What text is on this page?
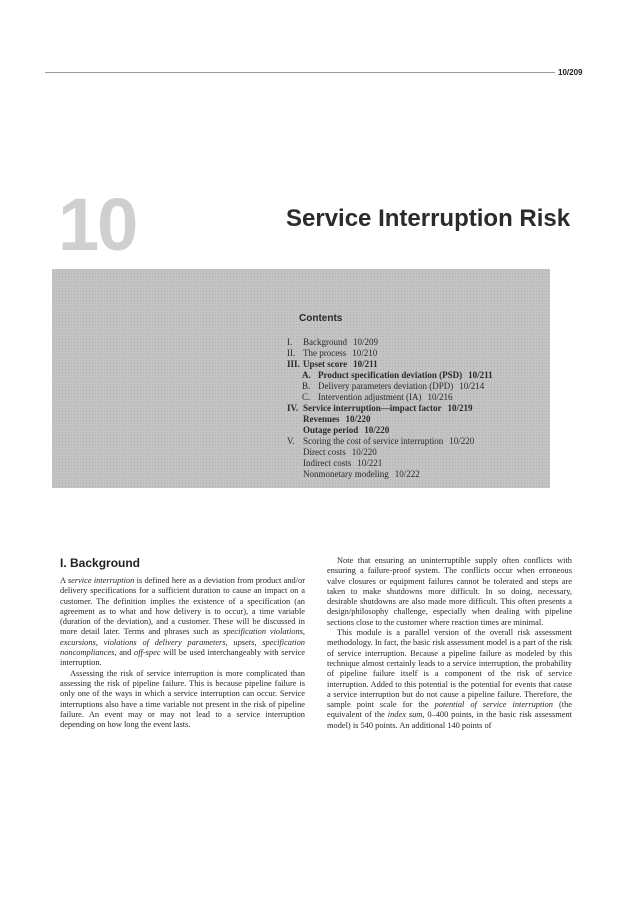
10/209
10	Service Interruption Risk
Contents
I. Background 10/209
II. The process 10/210
III. Upset score 10/211
A. Product specification deviation (PSD) 10/211
B. Delivery parameters deviation (DPD) 10/214
C. Intervention adjustment (IA) 10/216
IV. Service interruption—impact factor 10/219
Revenues 10/220
Outage period 10/220
V. Scoring the cost of service interruption 10/220
Direct costs 10/220
Indirect costs 10/221
Nonmonetary modeling 10/222
I. Background

A service interruption is defined here as a deviation from product and/or delivery specifications for a sufficient duration to cause an impact on a customer. The definition implies the existence of a specification (an agreement as to what and how delivery is to occur), a time variable (duration of the deviation), and a customer. These will be discussed in more detail later. Terms and phrases such as specification violations, excursions, violations of delivery parameters, upsets, specification noncompliances, and off-spec will be used interchangeably with service interruption.

Assessing the risk of service interruption is more complicated than assessing the risk of pipeline failure. This is because pipeline failure is only one of the ways in which a service interruption can occur. Service interruptions also have a time variable not present in the risk of pipeline failure. An event may or may not lead to a service interruption depending on how long the event lasts.

Note that ensuring an uninterruptible supply often conflicts with ensuring a failure-proof system. The conflicts occur when erroneous valve closures or equipment failures cannot be tolerated and steps are taken to make shutdowns more difficult. In so doing, necessary, desirable shutdowns are also made more difficult. This often presents a design/philosophy challenge, especially when dealing with pipeline sections close to the customer where reaction times are minimal.

This module is a parallel version of the overall risk assessment methodology. In fact, the basic risk assessment model is a part of the risk of service interruption. Because a pipeline failure as modeled by this technique almost certainly leads to a service interruption, the probability of pipeline failure itself is a component of the risk of service interruption. Added to this potential is the potential for events that cause a service interruption but do not cause a pipeline failure. Therefore, the sample point scale for the potential of service interruption (the equivalent of the index sum, 0–400 points, in the basic risk assessment model) is 540 points. An additional 140 points of
